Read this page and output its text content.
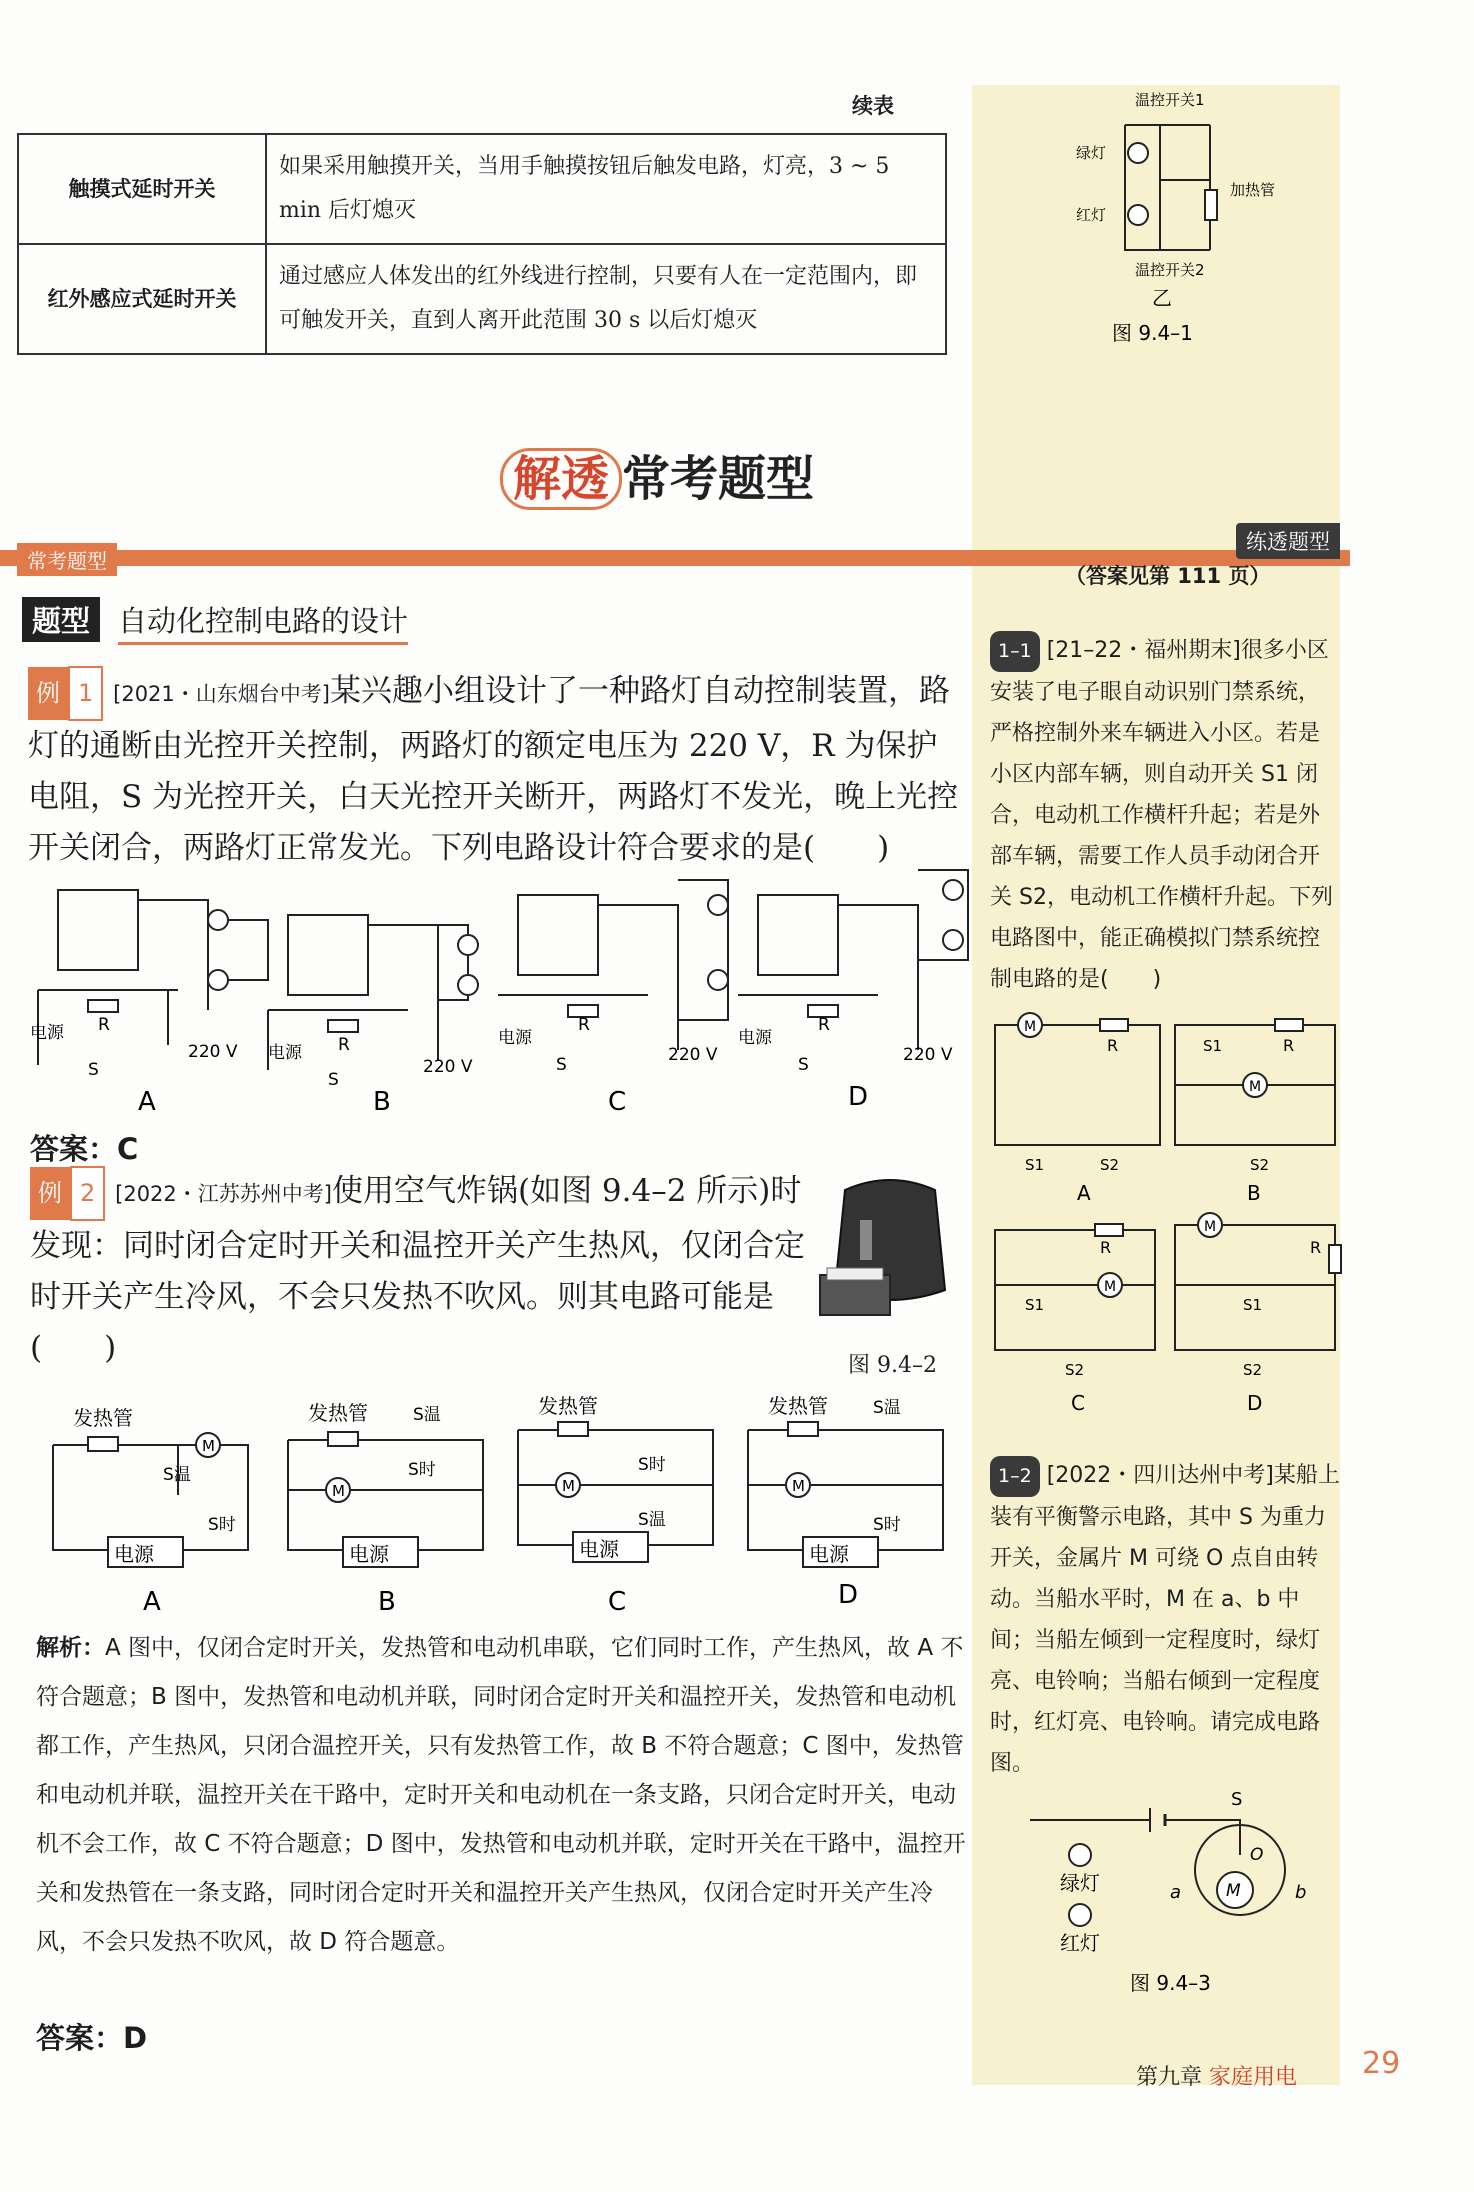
续表
触摸式延时开关	如果采用触摸开关，当用手触摸按钮后触发电路，灯亮，3 ~ 5 min 后灯熄灭
红外感应式延时开关	通过感应人体发出的红外线进行控制，只要有人在一定范围内，即可触发开关，直到人离开此范围 30 s 以后灯熄灭
温控开关1
绿灯
红灯
加热管
温控开关2
乙
图 9.4–1
解透 常考题型
常考题型
练透题型
（答案见第 111 页）
题型 自动化控制电路的设计
例 1 [2021・山东烟台中考]某兴趣小组设计了一种路灯自动控制装置，路灯的通断由光控开关控制，两路灯的额定电压为 220 V，R 为保护电阻，S 为光控开关，白天光控开关断开，两路灯不发光，晚上光控开关闭合，两路灯正常发光。下列电路设计符合要求的是(　　)
R
电源
S
220 V
A
R
电源
S
220 V
B
R
电源
S	220 V
C
R
电源
S	220 V
D
答案：C
例 2 [2022・江苏苏州中考]使用空气炸锅(如图 9.4–2 所示)时发现：同时闭合定时开关和温控开关产生热风，仅闭合定时开关产生冷风，不会只发热不吹风。则其电路可能是(　　)	图 9.4–2
M
电源
发热管
S温
S时
A
M
电源
发热管	S温
S时
B
M
电源
发热管
S时
S温
C
M
电源
发热管	S温
S时
D
解析：A 图中，仅闭合定时开关，发热管和电动机串联，它们同时工作，产生热风，故 A 不符合题意；B 图中，发热管和电动机并联，同时闭合定时开关和温控开关，发热管和电动机都工作，产生热风，只闭合温控开关，只有发热管工作，故 B 不符合题意；C 图中，发热管和电动机并联，温控开关在干路中，定时开关和电动机在一条支路，只闭合定时开关，电动机不会工作，故 C 不符合题意；D 图中，发热管和电动机并联，定时开关在干路中，温控开关和发热管在一条支路，同时闭合定时开关和温控开关产生热风，仅闭合定时开关产生冷风，不会只发热不吹风，故 D 符合题意。
答案：D
1–1 [21–22・福州期末]很多小区安装了电子眼自动识别门禁系统，严格控制外来车辆进入小区。若是小区内部车辆，则自动开关 S1 闭合，电动机工作横杆升起；若是外部车辆，需要工作人员手动闭合开关 S2，电动机工作横杆升起。下列电路图中，能正确模拟门禁系统控制电路的是(　　)
M
R
S1	S2
A
M
R
S1
S2
B
M
R
S1
S2
C
M
R
S1
S2
D
1–2 [2022・四川达州中考]某船上装有平衡警示电路，其中 S 为重力开关，金属片 M 可绕 O 点自由转动。当船水平时，M 在 a、b 中间；当船左倾到一定程度时，绿灯亮、电铃响；当船右倾到一定程度时，红灯亮、电铃响。请完成电路图。
S
O
M
a	b
绿灯
红灯
图 9.4–3
第九章 家庭用电 29
